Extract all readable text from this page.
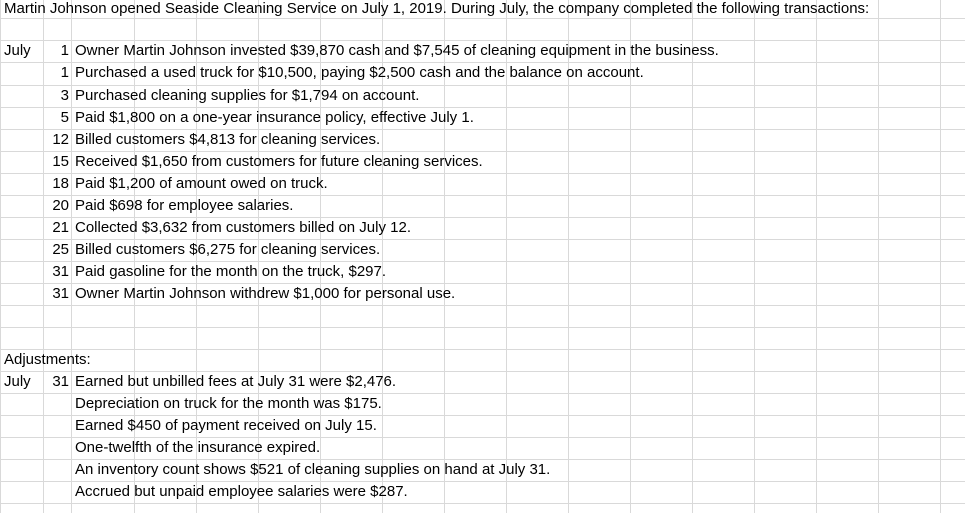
Martin Johnson opened Seaside Cleaning Service on July 1, 2019. During July, the company completed the following transactions:
July	1 Owner Martin Johnson invested $39,870 cash and $7,545 of cleaning equipment in the business.
1 Purchased a used truck for $10,500, paying $2,500 cash and the balance on account.
3 Purchased cleaning supplies for $1,794 on account.
5 Paid $1,800 on a one-year insurance policy, effective July 1.
12 Billed customers $4,813 for cleaning services.
15 Received $1,650 from customers for future cleaning services.
18 Paid $1,200 of amount owed on truck.
20 Paid $698 for employee salaries.
21 Collected $3,632 from customers billed on July 12.
25 Billed customers $6,275 for cleaning services.
31 Paid gasoline for the month on the truck, $297.
31 Owner Martin Johnson withdrew $1,000 for personal use.
Adjustments:
July	31 Earned but unbilled fees at July 31 were $2,476.
Depreciation on truck for the month was $175.
Earned $450 of payment received on July 15.
One-twelfth of the insurance expired.
An inventory count shows $521 of cleaning supplies on hand at July 31.
Accrued but unpaid employee salaries were $287.
